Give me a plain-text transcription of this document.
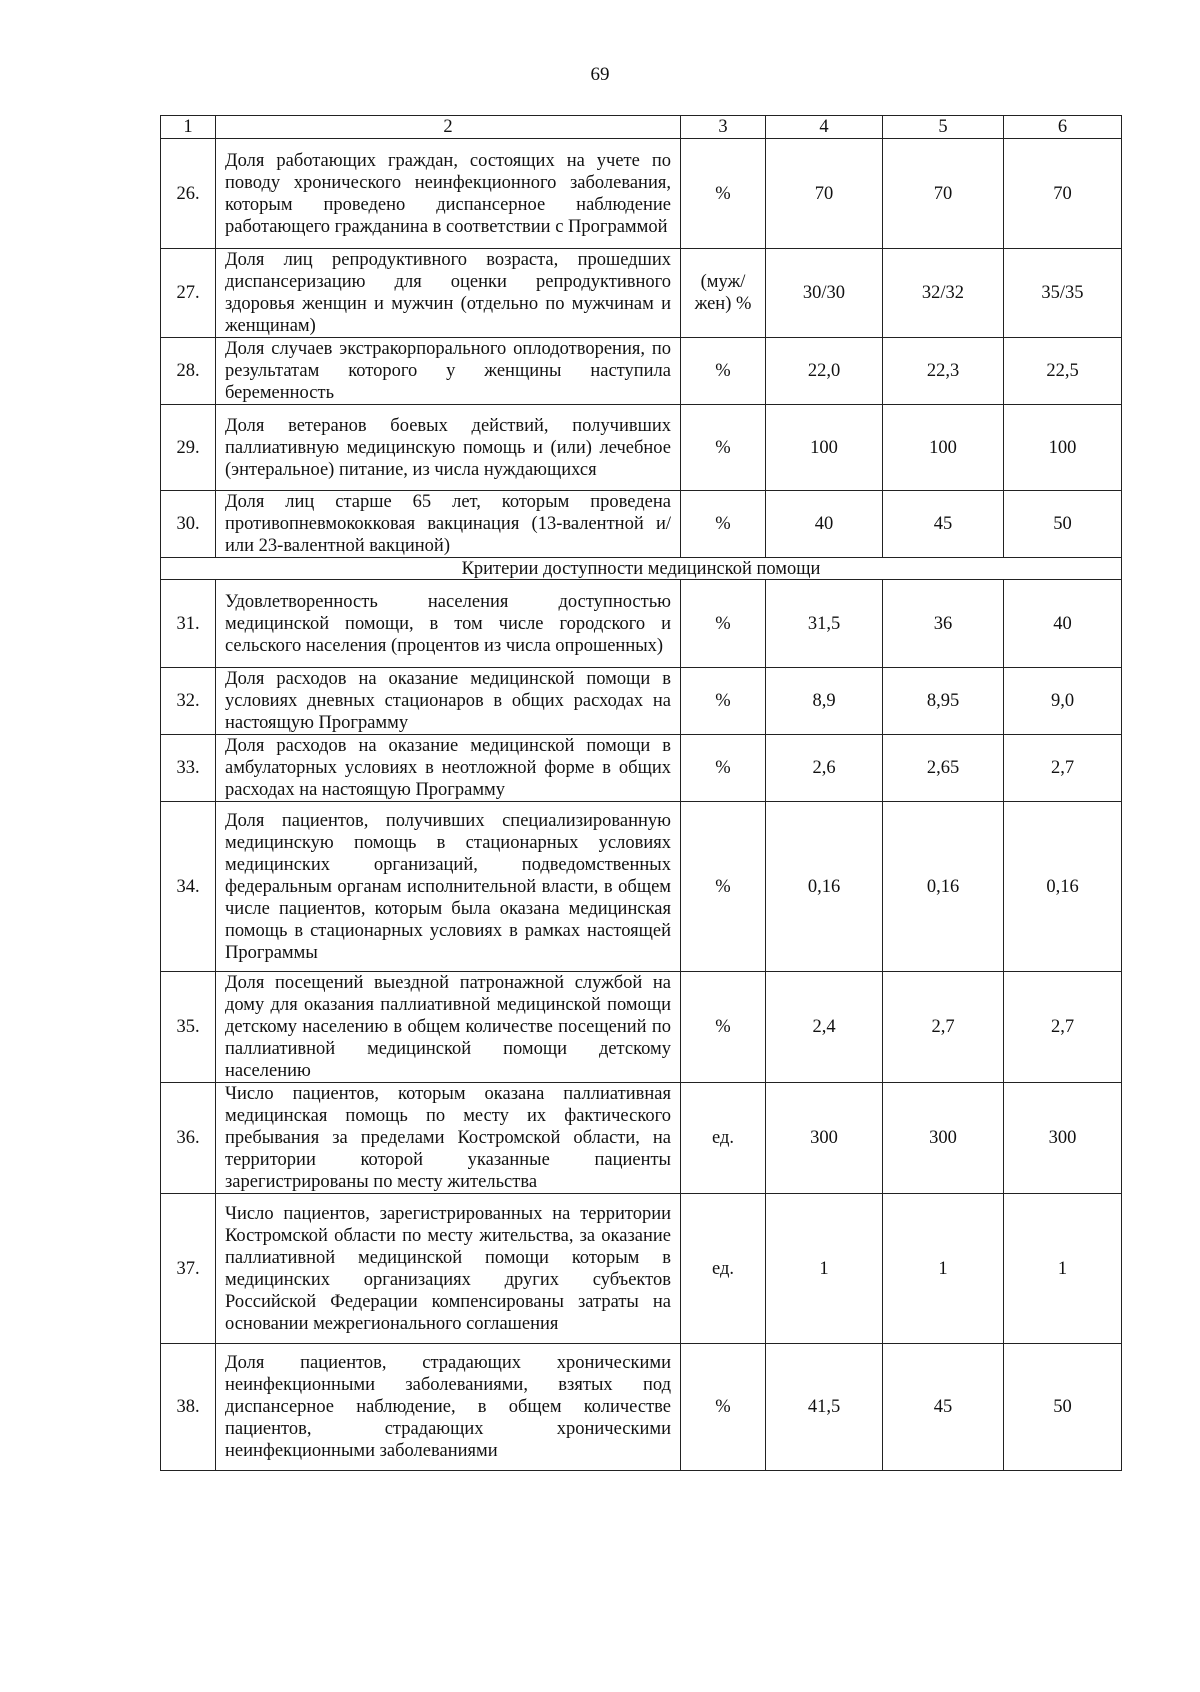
69
1	2	3	4	5	6
26.	Доля работающих граждан, состоящих на учете по поводу хронического неинфекционного заболевания, которым проведено диспансерное наблюдение работающего гражданина в соответствии с Программой	%	70	70	70
27.	Доля лиц репродуктивного возраста, прошедших диспансеризацию для оценки репродуктивного здоровья женщин и мужчин (отдельно по мужчинам и женщинам)	(муж/жен) %	30/30	32/32	35/35
28.	Доля случаев экстракорпорального оплодотворения, по результатам которого у женщины наступила беременность	%	22,0	22,3	22,5
29.	Доля ветеранов боевых действий, получивших паллиативную медицинскую помощь и (или) лечебное (энтеральное) питание, из числа нуждающихся	%	100	100	100
30.	Доля лиц старше 65 лет, которым проведена противопневмококковая вакцинация (13-валентной и/или 23-валентной вакциной)	%	40	45	50
Критерии доступности медицинской помощи					
31.	Удовлетворенность населения доступностью медицинской помощи, в том числе городского и сельского населения (процентов из числа опрошенных)	%	31,5	36	40
32.	Доля расходов на оказание медицинской помощи в условиях дневных стационаров в общих расходах на настоящую Программу	%	8,9	8,95	9,0
33.	Доля расходов на оказание медицинской помощи в амбулаторных условиях в неотложной форме в общих расходах на настоящую Программу	%	2,6	2,65	2,7
34.	Доля пациентов, получивших специализированную медицинскую помощь в стационарных условиях медицинских организаций, подведомственных федеральным органам исполнительной власти, в общем числе пациентов, которым была оказана медицинская помощь в стационарных условиях в рамках настоящей Программы	%	0,16	0,16	0,16
35.	Доля посещений выездной патронажной службой на дому для оказания паллиативной медицинской помощи детскому населению в общем количестве посещений по паллиативной медицинской помощи детскому населению	%	2,4	2,7	2,7
36.	Число пациентов, которым оказана паллиативная медицинская помощь по месту их фактического пребывания за пределами Костромской области, на территории которой указанные пациенты зарегистрированы по месту жительства	ед.	300	300	300
37.	Число пациентов, зарегистрированных на территории Костромской области по месту жительства, за оказание паллиативной медицинской помощи которым в медицинских организациях других субъектов Российской Федерации компенсированы затраты на основании межрегионального соглашения	ед.	1	1	1
38.	Доля пациентов, страдающих хроническими неинфекционными заболеваниями, взятых под диспансерное наблюдение, в общем количестве пациентов, страдающих хроническими неинфекционными заболеваниями	%	41,5	45	50
